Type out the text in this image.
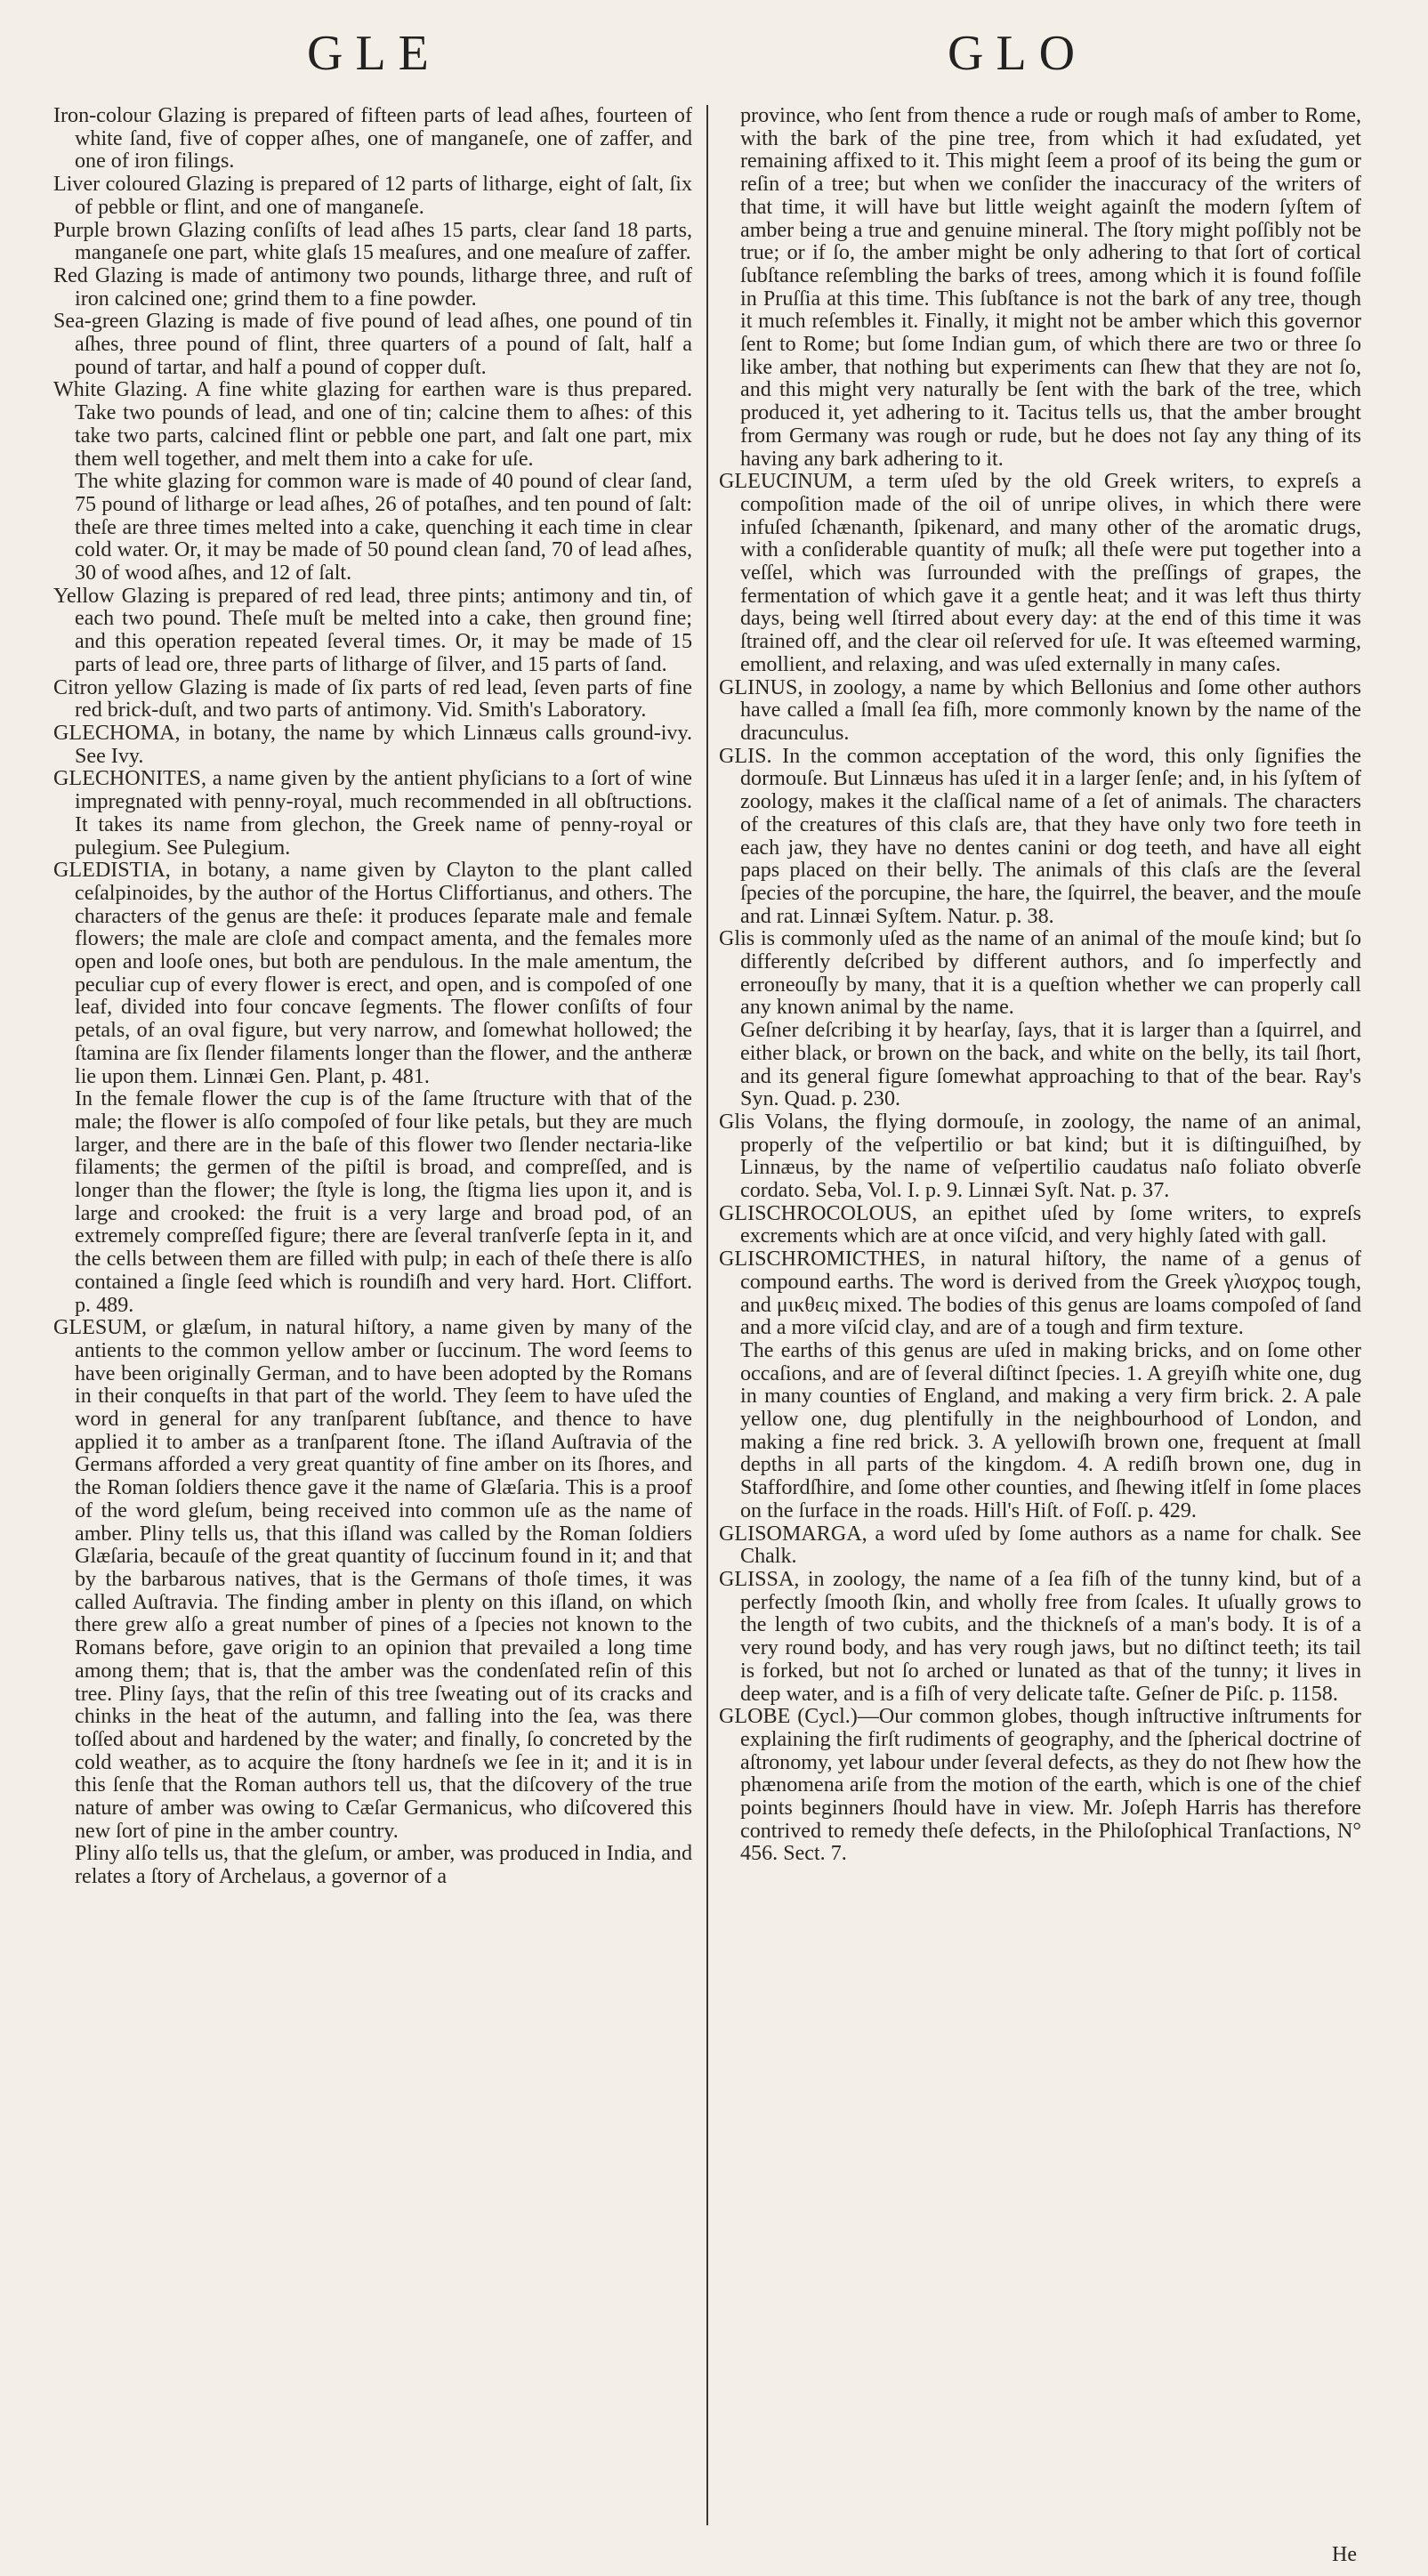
GLE	GLO

Iron-colour Glazing is prepared of fifteen parts of lead aſhes, fourteen of white ſand, five of copper aſhes, one of manganeſe, one of zaffer, and one of iron filings.

Liver coloured Glazing is prepared of 12 parts of litharge, eight of ſalt, ſix of pebble or flint, and one of manganeſe.

Purple brown Glazing conſiſts of lead aſhes 15 parts, clear ſand 18 parts, manganeſe one part, white glaſs 15 meaſures, and one meaſure of zaffer.

Red Glazing is made of antimony two pounds, litharge three, and ruſt of iron calcined one; grind them to a fine powder.

Sea-green Glazing is made of five pound of lead aſhes, one pound of tin aſhes, three pound of flint, three quarters of a pound of ſalt, half a pound of tartar, and half a pound of copper duſt.

White Glazing. A fine white glazing for earthen ware is thus prepared. Take two pounds of lead, and one of tin; calcine them to aſhes: of this take two parts, calcined flint or pebble one part, and ſalt one part, mix them well together, and melt them into a cake for uſe.

The white glazing for common ware is made of 40 pound of clear ſand, 75 pound of litharge or lead aſhes, 26 of potaſhes, and ten pound of ſalt: theſe are three times melted into a cake, quenching it each time in clear cold water. Or, it may be made of 50 pound clean ſand, 70 of lead aſhes, 30 of wood aſhes, and 12 of ſalt.

Yellow Glazing is prepared of red lead, three pints; antimony and tin, of each two pound. Theſe muſt be melted into a cake, then ground fine; and this operation repeated ſeveral times. Or, it may be made of 15 parts of lead ore, three parts of litharge of ſilver, and 15 parts of ſand.

Citron yellow Glazing is made of ſix parts of red lead, ſeven parts of fine red brick-duſt, and two parts of antimony. Vid. Smith's Laboratory.

GLECHOMA, in botany, the name by which Linnæus calls ground-ivy. See Ivy.

GLECHONITES, a name given by the antient phyſicians to a ſort of wine impregnated with penny-royal, much recommended in all obſtructions. It takes its name from glechon, the Greek name of penny-royal or pulegium. See Pulegium.

GLEDISTIA, in botany, a name given by Clayton to the plant called ceſalpinoides, by the author of the Hortus Cliffortianus, and others. The characters of the genus are theſe: it produces ſeparate male and female flowers; the male are cloſe and compact amenta, and the females more open and looſe ones, but both are pendulous. In the male amentum, the peculiar cup of every flower is erect, and open, and is compoſed of one leaf, divided into four concave ſegments. The flower conſiſts of four petals, of an oval figure, but very narrow, and ſomewhat hollowed; the ſtamina are ſix ſlender filaments longer than the flower, and the antheræ lie upon them. Linnæi Gen. Plant, p. 481.

In the female flower the cup is of the ſame ſtructure with that of the male; the flower is alſo compoſed of four like petals, but they are much larger, and there are in the baſe of this flower two ſlender nectaria-like filaments; the germen of the piſtil is broad, and compreſſed, and is longer than the flower; the ſtyle is long, the ſtigma lies upon it, and is large and crooked: the fruit is a very large and broad pod, of an extremely compreſſed figure; there are ſeveral tranſverſe ſepta in it, and the cells between them are filled with pulp; in each of theſe there is alſo contained a ſingle ſeed which is roundiſh and very hard. Hort. Cliffort. p. 489.

GLESUM, or glæſum, in natural hiſtory, a name given by many of the antients to the common yellow amber or ſuccinum. The word ſeems to have been originally German, and to have been adopted by the Romans in their conqueſts in that part of the world. They ſeem to have uſed the word in general for any tranſparent ſubſtance, and thence to have applied it to amber as a tranſparent ſtone. The iſland Auſtravia of the Germans afforded a very great quantity of fine amber on its ſhores, and the Roman ſoldiers thence gave it the name of Glæſaria. This is a proof of the word gleſum, being received into common uſe as the name of amber. Pliny tells us, that this iſland was called by the Roman ſoldiers Glæſaria, becauſe of the great quantity of ſuccinum found in it; and that by the barbarous natives, that is the Germans of thoſe times, it was called Auſtravia. The finding amber in plenty on this iſland, on which there grew alſo a great number of pines of a ſpecies not known to the Romans before, gave origin to an opinion that prevailed a long time among them; that is, that the amber was the condenſated reſin of this tree. Pliny ſays, that the reſin of this tree ſweating out of its cracks and chinks in the heat of the autumn, and falling into the ſea, was there toſſed about and hardened by the water; and finally, ſo concreted by the cold weather, as to acquire the ſtony hardneſs we ſee in it; and it is in this ſenſe that the Roman authors tell us, that the diſcovery of the true nature of amber was owing to Cæſar Germanicus, who diſcovered this new ſort of pine in the amber country.

Pliny alſo tells us, that the gleſum, or amber, was produced in India, and relates a ſtory of Archelaus, a governor of a

province, who ſent from thence a rude or rough maſs of amber to Rome, with the bark of the pine tree, from which it had exſudated, yet remaining affixed to it. This might ſeem a proof of its being the gum or reſin of a tree; but when we conſider the inaccuracy of the writers of that time, it will have but little weight againſt the modern ſyſtem of amber being a true and genuine mineral. The ſtory might poſſibly not be true; or if ſo, the amber might be only adhering to that ſort of cortical ſubſtance reſembling the barks of trees, among which it is found foſſile in Pruſſia at this time. This ſubſtance is not the bark of any tree, though it much reſembles it. Finally, it might not be amber which this governor ſent to Rome; but ſome Indian gum, of which there are two or three ſo like amber, that nothing but experiments can ſhew that they are not ſo, and this might very naturally be ſent with the bark of the tree, which produced it, yet adhering to it. Tacitus tells us, that the amber brought from Germany was rough or rude, but he does not ſay any thing of its having any bark adhering to it.

GLEUCINUM, a term uſed by the old Greek writers, to expreſs a compoſition made of the oil of unripe olives, in which there were infuſed ſchænanth, ſpikenard, and many other of the aromatic drugs, with a conſiderable quantity of muſk; all theſe were put together into a veſſel, which was ſurrounded with the preſſings of grapes, the fermentation of which gave it a gentle heat; and it was left thus thirty days, being well ſtirred about every day: at the end of this time it was ſtrained off, and the clear oil reſerved for uſe. It was eſteemed warming, emollient, and relaxing, and was uſed externally in many caſes.

GLINUS, in zoology, a name by which Bellonius and ſome other authors have called a ſmall ſea fiſh, more commonly known by the name of the dracunculus.

GLIS. In the common acceptation of the word, this only ſignifies the dormouſe. But Linnæus has uſed it in a larger ſenſe; and, in his ſyſtem of zoology, makes it the claſſical name of a ſet of animals. The characters of the creatures of this claſs are, that they have only two fore teeth in each jaw, they have no dentes canini or dog teeth, and have all eight paps placed on their belly. The animals of this claſs are the ſeveral ſpecies of the porcupine, the hare, the ſquirrel, the beaver, and the mouſe and rat. Linnæi Syſtem. Natur. p. 38.

Glis is commonly uſed as the name of an animal of the mouſe kind; but ſo differently deſcribed by different authors, and ſo imperfectly and erroneouſly by many, that it is a queſtion whether we can properly call any known animal by the name.

Geſner deſcribing it by hearſay, ſays, that it is larger than a ſquirrel, and either black, or brown on the back, and white on the belly, its tail ſhort, and its general figure ſomewhat approaching to that of the bear. Ray's Syn. Quad. p. 230.

Glis Volans, the flying dormouſe, in zoology, the name of an animal, properly of the veſpertilio or bat kind; but it is diſtinguiſhed, by Linnæus, by the name of veſpertilio caudatus naſo foliato obverſe cordato. Seba, Vol. I. p. 9. Linnæi Syſt. Nat. p. 37.

GLISCHROCOLOUS, an epithet uſed by ſome writers, to expreſs excrements which are at once viſcid, and very highly ſated with gall.

GLISCHROMICTHES, in natural hiſtory, the name of a genus of compound earths. The word is derived from the Greek γλισχρος tough, and μικθεις mixed. The bodies of this genus are loams compoſed of ſand and a more viſcid clay, and are of a tough and firm texture.

The earths of this genus are uſed in making bricks, and on ſome other occaſions, and are of ſeveral diſtinct ſpecies. 1. A greyiſh white one, dug in many counties of England, and making a very firm brick. 2. A pale yellow one, dug plentifully in the neighbourhood of London, and making a fine red brick. 3. A yellowiſh brown one, frequent at ſmall depths in all parts of the kingdom. 4. A rediſh brown one, dug in Staffordſhire, and ſome other counties, and ſhewing itſelf in ſome places on the ſurface in the roads. Hill's Hiſt. of Foſſ. p. 429.

GLISOMARGA, a word uſed by ſome authors as a name for chalk. See Chalk.

GLISSA, in zoology, the name of a ſea fiſh of the tunny kind, but of a perfectly ſmooth ſkin, and wholly free from ſcales. It uſually grows to the length of two cubits, and the thickneſs of a man's body. It is of a very round body, and has very rough jaws, but no diſtinct teeth; its tail is forked, but not ſo arched or lunated as that of the tunny; it lives in deep water, and is a fiſh of very delicate taſte. Geſner de Piſc. p. 1158.

GLOBE (Cycl.)—Our common globes, though inſtructive inſtruments for explaining the firſt rudiments of geography, and the ſpherical doctrine of aſtronomy, yet labour under ſeveral defects, as they do not ſhew how the phænomena ariſe from the motion of the earth, which is one of the chief points beginners ſhould have in view. Mr. Joſeph Harris has therefore contrived to remedy theſe defects, in the Philoſophical Tranſactions, N° 456. Sect. 7.

He
